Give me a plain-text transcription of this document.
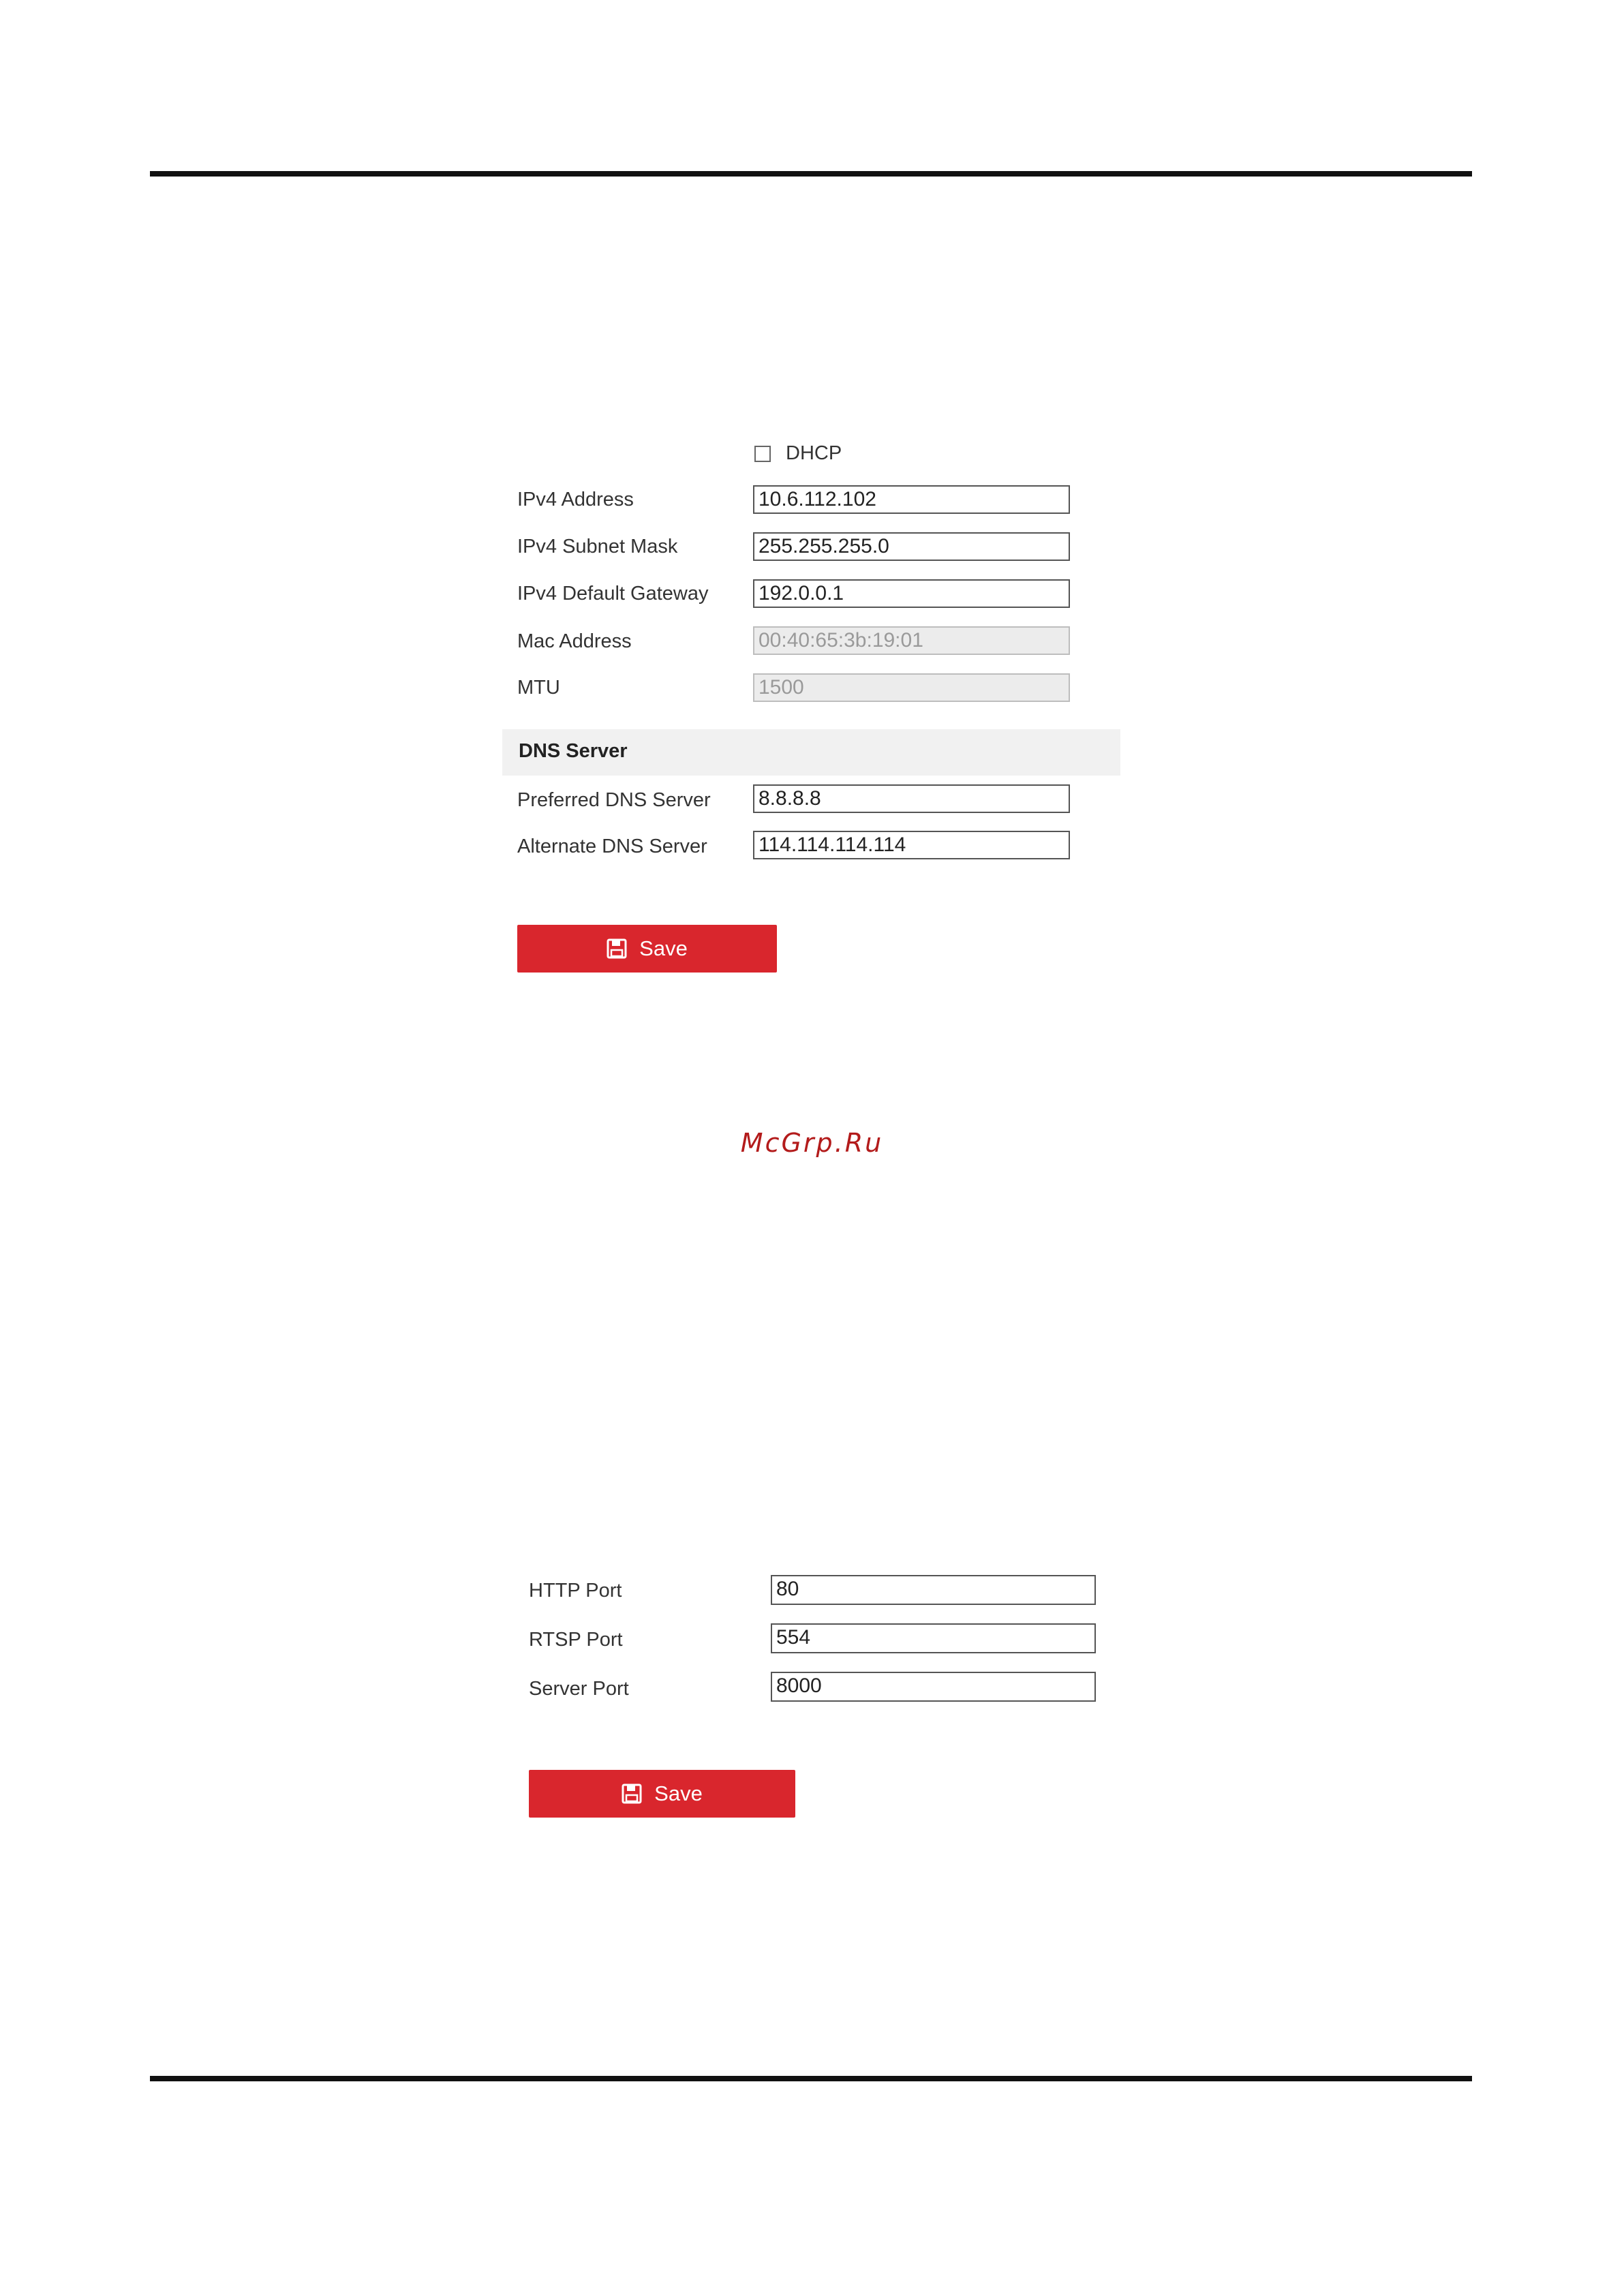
DHCP
IPv4 Address	10.6.112.102
IPv4 Subnet Mask	255.255.255.0
IPv4 Default Gateway 192.0.0.1
Mac Address	00:40:65:3b:19:01
MTU	1500
DNS Server
Preferred DNS Server 8.8.8.8
Alternate DNS Server	114.114.114.114
Save
McGrp.Ru
HTTP Port	80
RTSP Port	554
Server Port	8000
Save
